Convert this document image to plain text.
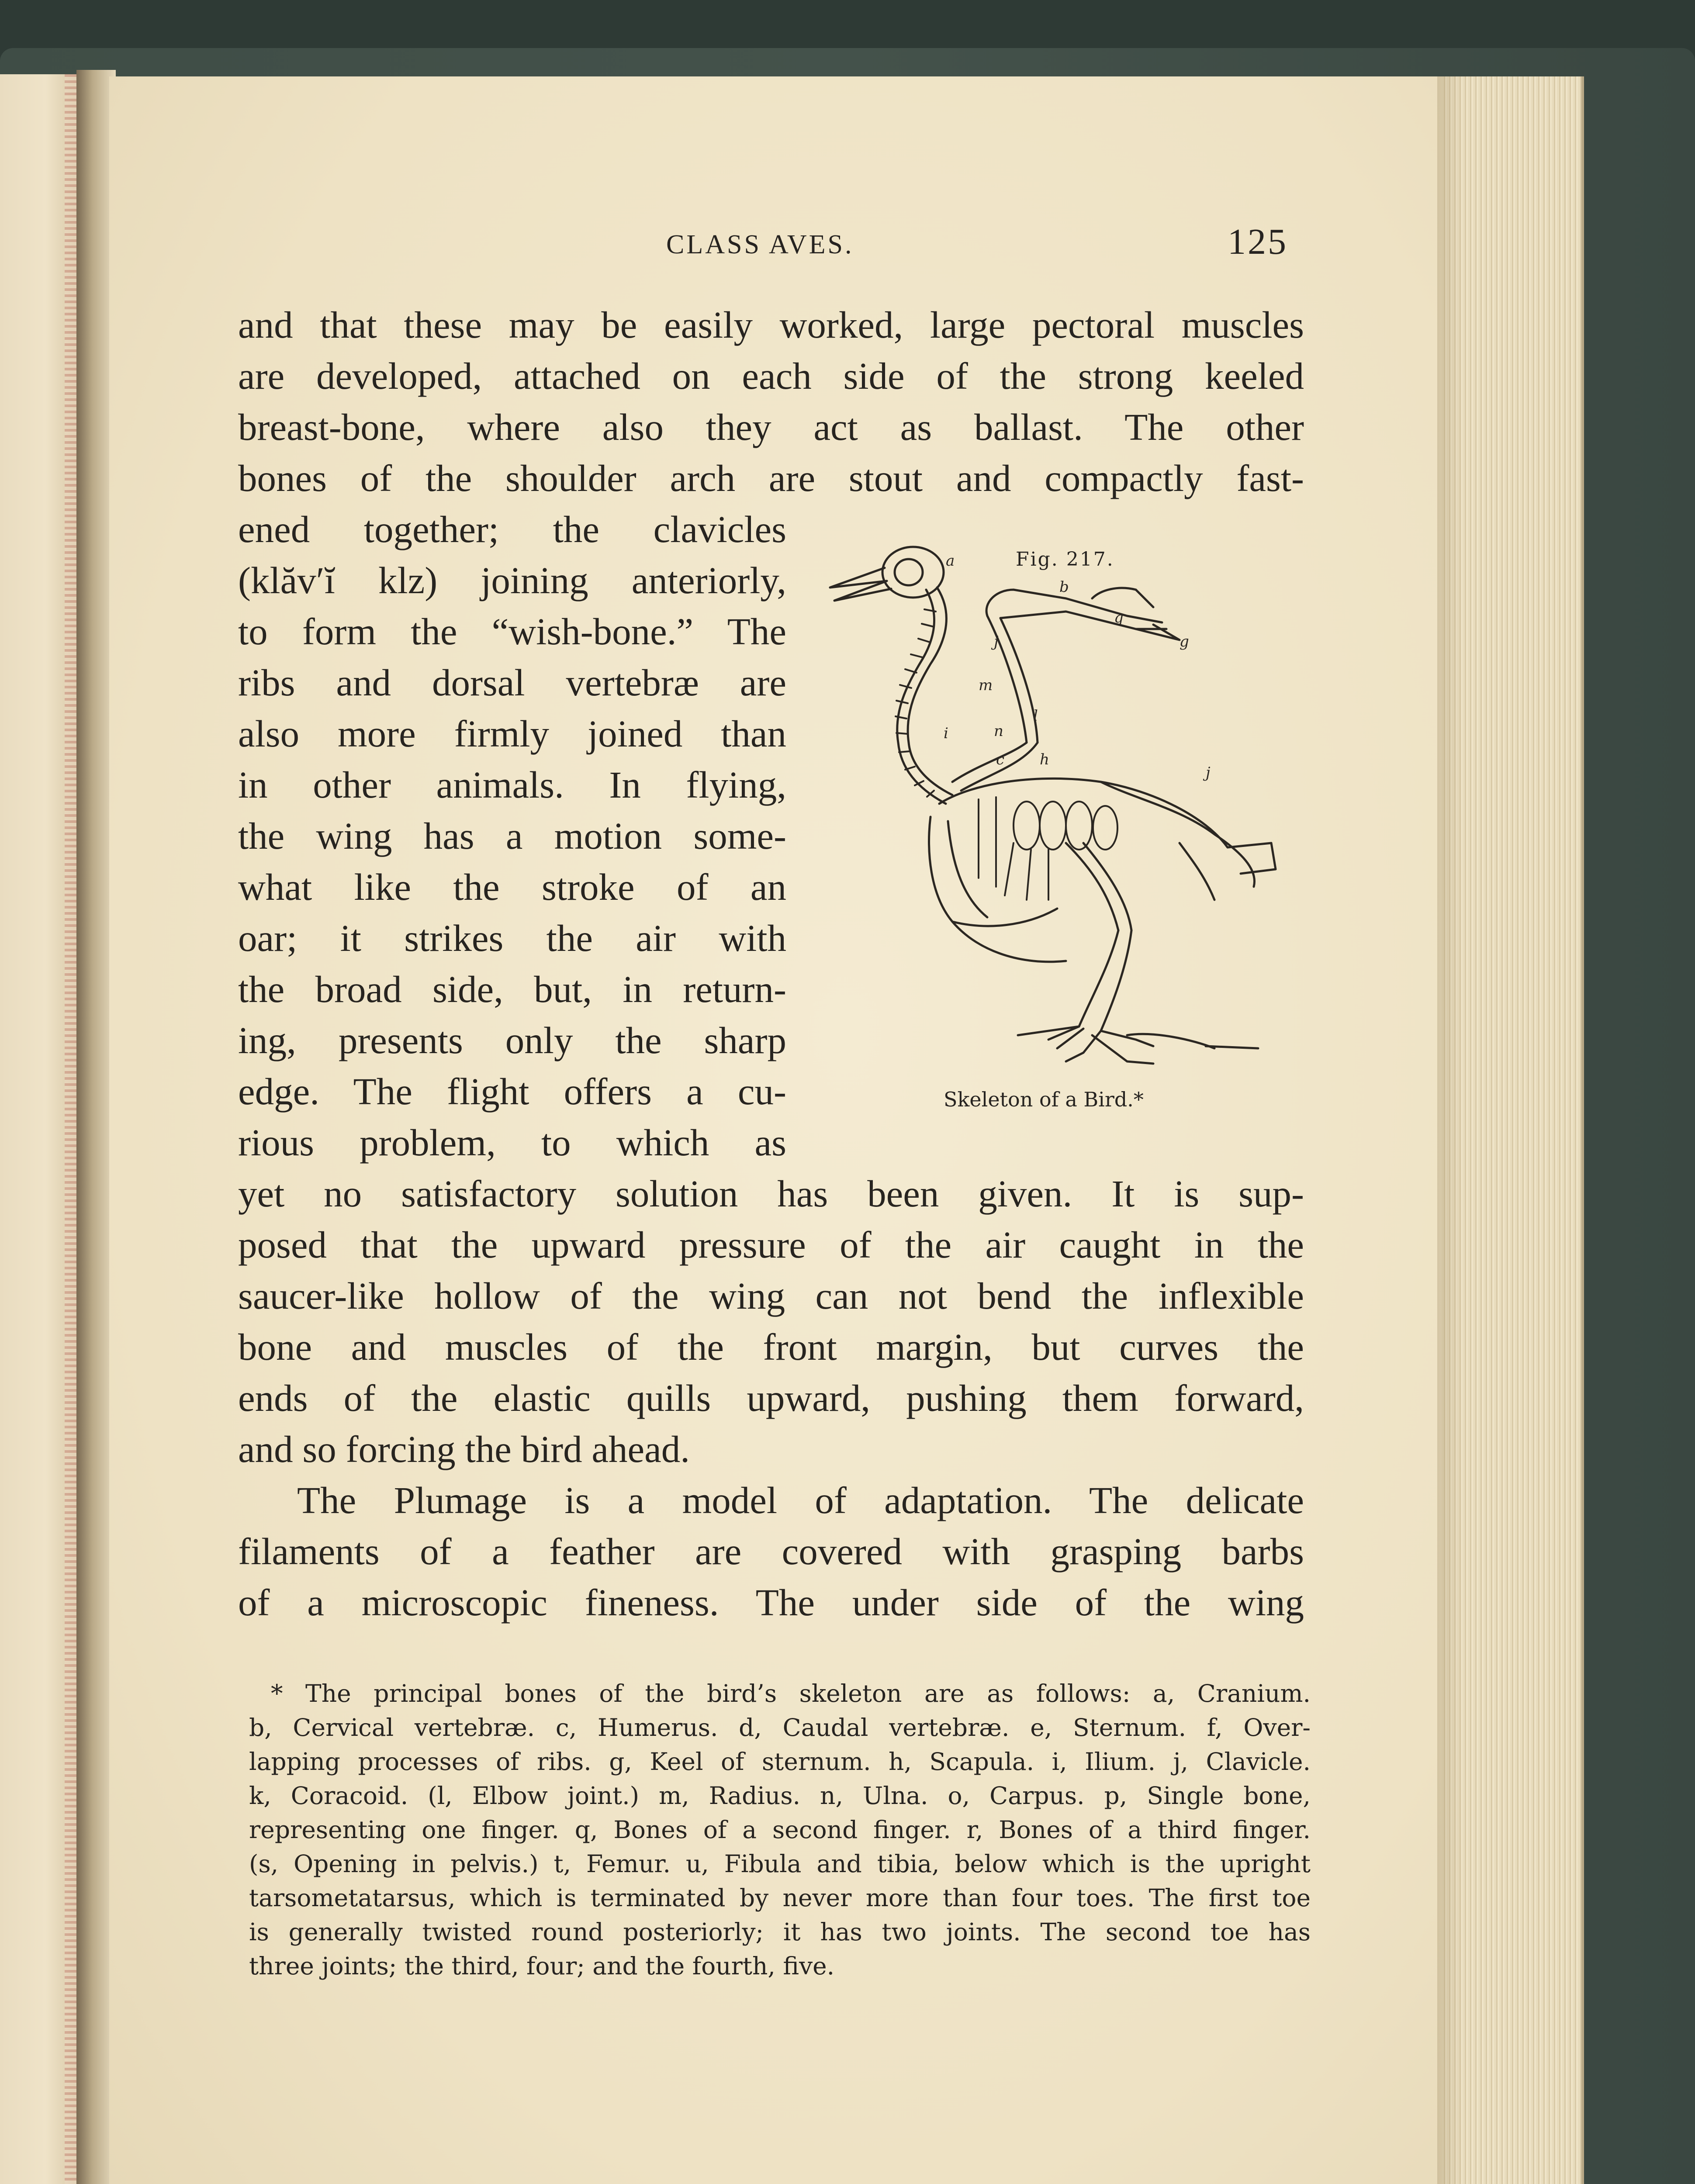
CLASS AVES.	125
and that these may be easily worked, large pectoral muscles
are developed, attached on each side of the strong keeled
breast-bone, where also they act as ballast. The other
bones of the shoulder arch are stout and compactly fast-
ened together; the clavicles
(klăv′ĭ klz) joining anteriorly,
to form the “wish-bone.” The
ribs and dorsal vertebræ are
also more firmly joined than
in other animals. In flying,
the wing has a motion some-
what like the stroke of an
oar; it strikes the air with
the broad side, but, in return-
ing, presents only the sharp
edge. The flight offers a cu-
rious problem, to which as
Fig. 217.
a
b
j
q
g
m
l
n
i
c h
j
Skeleton of a Bird.*
yet no satisfactory solution has been given. It is sup-
posed that the upward pressure of the air caught in the
saucer-like hollow of the wing can not bend the inflexible
bone and muscles of the front margin, but curves the
ends of the elastic quills upward, pushing them forward,
and so forcing the bird ahead.
The Plumage is a model of adaptation. The delicate
filaments of a feather are covered with grasping barbs
of a microscopic fineness. The under side of the wing
* The principal bones of the bird’s skeleton are as follows: a, Cranium.
b, Cervical vertebræ. c, Humerus. d, Caudal vertebræ. e, Sternum. f, Over-
lapping processes of ribs. g, Keel of sternum. h, Scapula. i, Ilium. j, Clavicle.
k, Coracoid. (l, Elbow joint.) m, Radius. n, Ulna. o, Carpus. p, Single bone,
representing one finger. q, Bones of a second finger. r, Bones of a third finger.
(s, Opening in pelvis.) t, Femur. u, Fibula and tibia, below which is the upright
tarsometatarsus, which is terminated by never more than four toes. The first toe
is generally twisted round posteriorly; it has two joints. The second toe has
three joints; the third, four; and the fourth, five.
